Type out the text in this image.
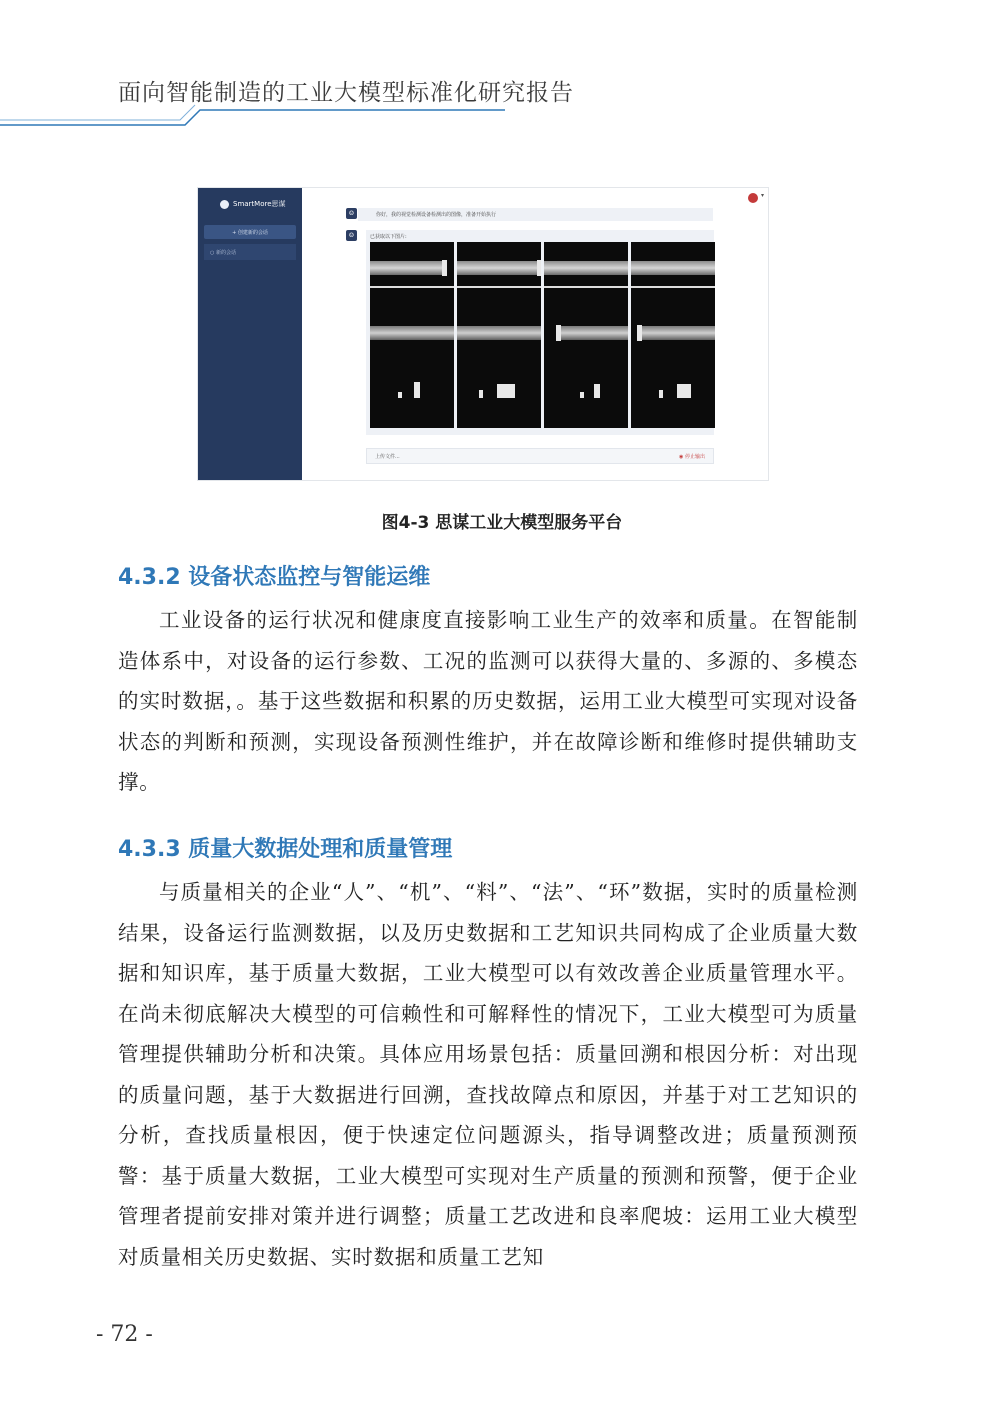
面向智能制造的工业大模型标准化研究报告
SmartMore思谋
+ 创建新的会话
○ 新的会话
▾
☺	你好，我的视觉检测设备检测出的图像，准备开始执行
☺	已获取以下图片:
上传文件...	◉ 停止输出
图4-3 思谋工业大模型服务平台
4.3.2 设备状态监控与智能运维
工业设备的运行状况和健康度直接影响工业生产的效率和质量。在智能制造体系中，对设备的运行参数、工况的监测可以获得大量的、多源的、多模态的实时数据，。基于这些数据和积累的历史数据，运用工业大模型可实现对设备状态的判断和预测，实现设备预测性维护，并在故障诊断和维修时提供辅助支撑。
4.3.3 质量大数据处理和质量管理
与质量相关的企业“人”、“机”、“料”、“法”、“环”数据，实时的质量检测结果，设备运行监测数据，以及历史数据和工艺知识共同构成了企业质量大数据和知识库，基于质量大数据，工业大模型可以有效改善企业质量管理水平。在尚未彻底解决大模型的可信赖性和可解释性的情况下，工业大模型可为质量管理提供辅助分析和决策。具体应用场景包括：质量回溯和根因分析：对出现的质量问题，基于大数据进行回溯，查找故障点和原因，并基于对工艺知识的分析，查找质量根因，便于快速定位问题源头，指导调整改进；质量预测预警：基于质量大数据，工业大模型可实现对生产质量的预测和预警，便于企业管理者提前安排对策并进行调整；质量工艺改进和良率爬坡：运用工业大模型对质量相关历史数据、实时数据和质量工艺知
- 72 -
